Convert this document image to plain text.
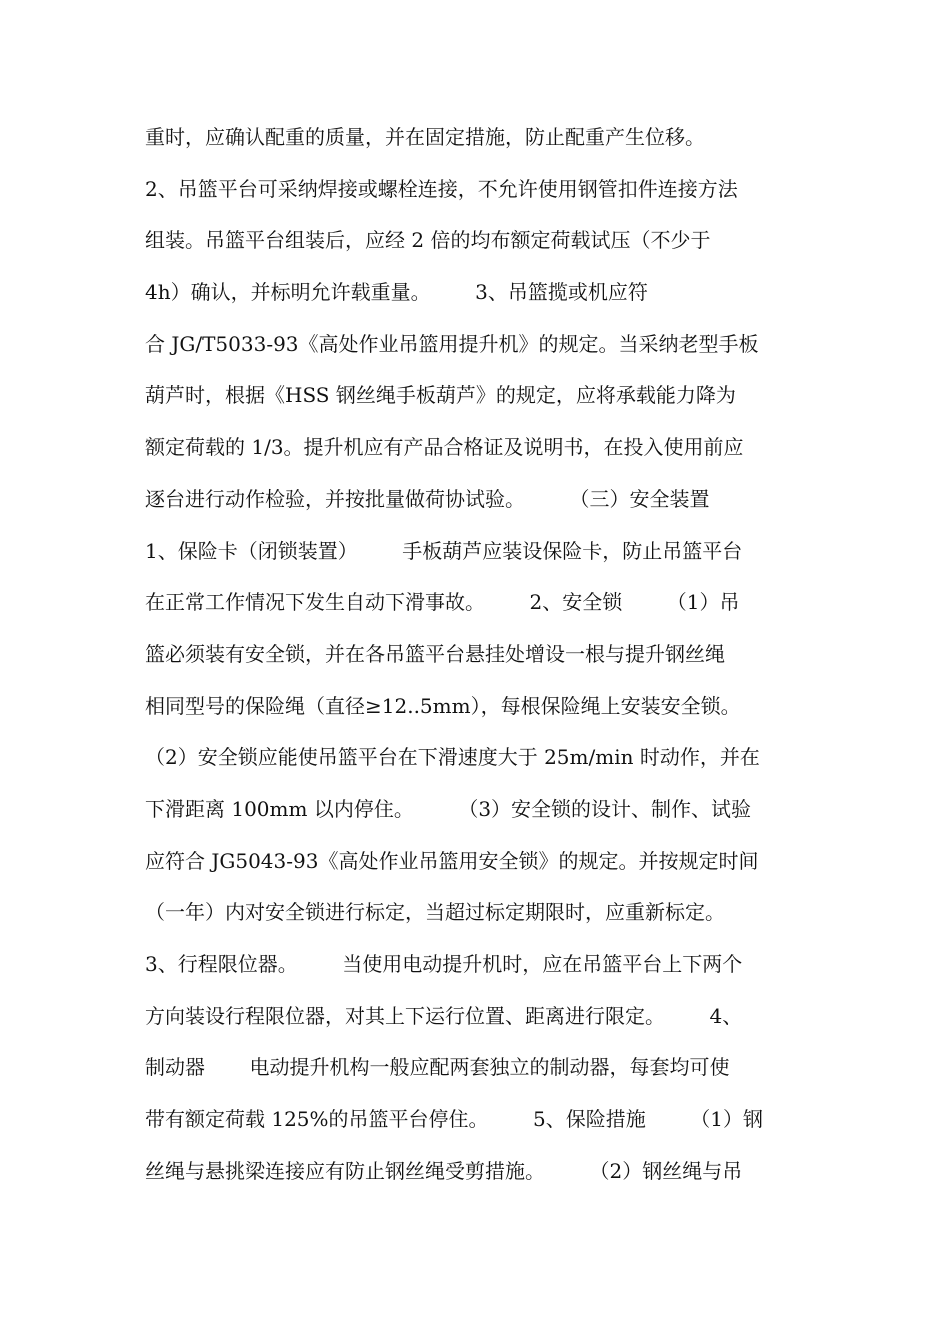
重时，应确认配重的质量，并在固定措施，防止配重产生位移。
2、吊篮平台可采纳焊接或螺栓连接，不允许使用钢管扣件连接方法
组装。吊篮平台组装后，应经 2 倍的均布额定荷载试压（不少于
4h）确认，并标明允许载重量。       3、吊篮揽或机应符
合 JG/T5033-93《高处作业吊篮用提升机》的规定。当采纳老型手板
葫芦时，根据《HSS 钢丝绳手板葫芦》的规定，应将承载能力降为
额定荷载的 1/3。提升机应有产品合格证及说明书，在投入使用前应
逐台进行动作检验，并按批量做荷协试验。       （三）安全装置
1、保险卡（闭锁装置）       手板葫芦应装设保险卡，防止吊篮平台
在正常工作情况下发生自动下滑事故。       2、安全锁       （1）吊
篮必须装有安全锁，并在各吊篮平台悬挂处增设一根与提升钢丝绳
相同型号的保险绳（直径≥12..5mm），每根保险绳上安装安全锁。
（2）安全锁应能使吊篮平台在下滑速度大于 25m/min 时动作，并在
下滑距离 100mm 以内停住。       （3）安全锁的设计、制作、试验
应符合 JG5043-93《高处作业吊篮用安全锁》的规定。并按规定时间
（一年）内对安全锁进行标定，当超过标定期限时，应重新标定。
3、行程限位器。       当使用电动提升机时，应在吊篮平台上下两个
方向装设行程限位器，对其上下运行位置、距离进行限定。       4、
制动器       电动提升机构一般应配两套独立的制动器，每套均可使
带有额定荷载 125%的吊篮平台停住。       5、保险措施       （1）钢
丝绳与悬挑梁连接应有防止钢丝绳受剪措施。       （2）钢丝绳与吊
